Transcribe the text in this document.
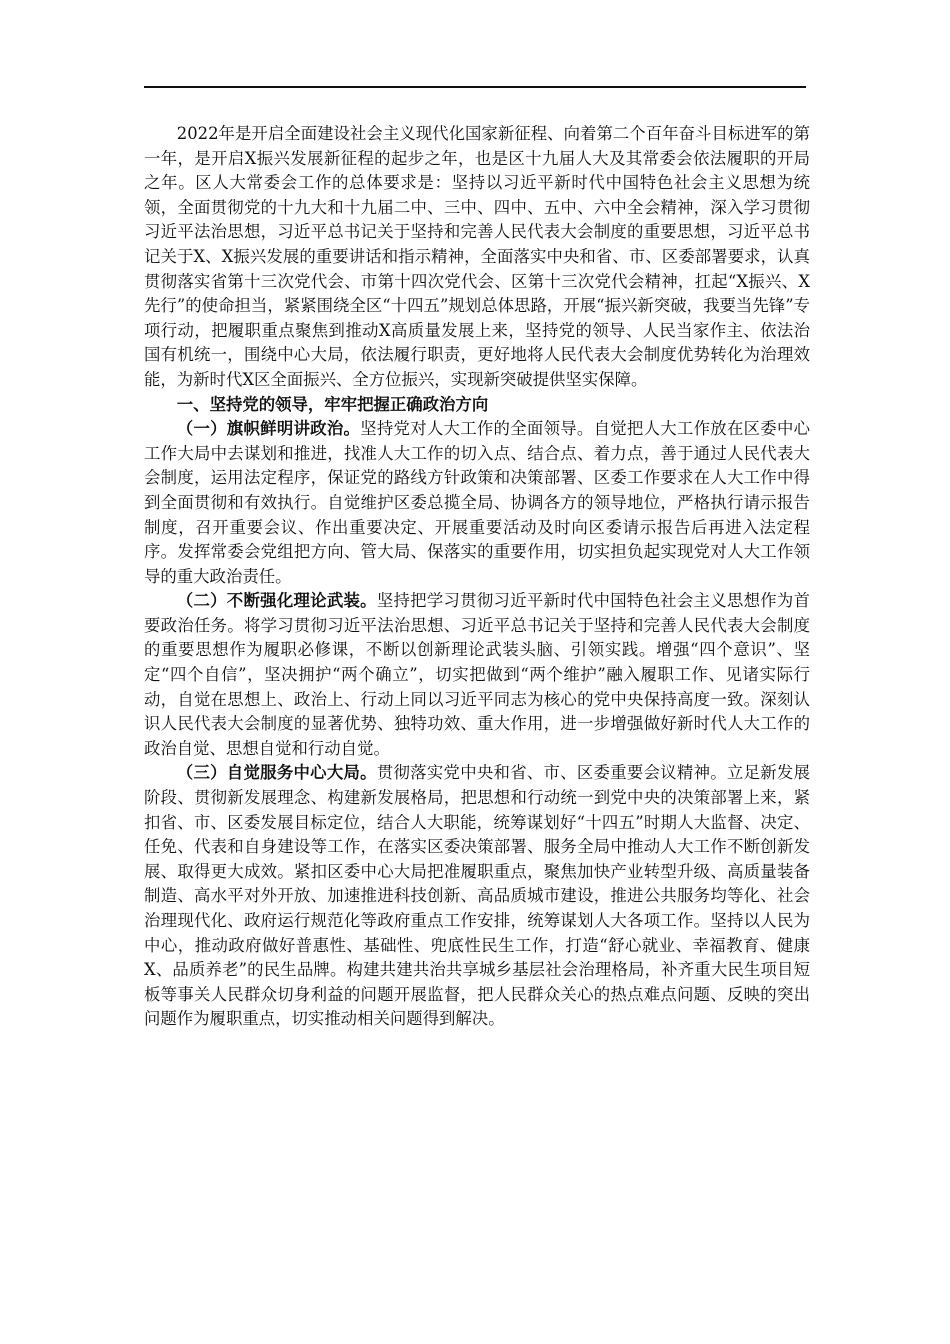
2022年是开启全面建设社会主义现代化国家新征程、向着第二个百年奋斗目标进军的第一年，是开启X振兴发展新征程的起步之年，也是区十九届人大及其常委会依法履职的开局之年。区人大常委会工作的总体要求是：坚持以习近平新时代中国特色社会主义思想为统领，全面贯彻党的十九大和十九届二中、三中、四中、五中、六中全会精神，深入学习贯彻习近平法治思想，习近平总书记关于坚持和完善人民代表大会制度的重要思想，习近平总书记关于X、X振兴发展的重要讲话和指示精神，全面落实中央和省、市、区委部署要求，认真贯彻落实省第十三次党代会、市第十四次党代会、区第十三次党代会精神，扛起“X振兴、X先行”的使命担当，紧紧围绕全区“十四五”规划总体思路，开展“振兴新突破，我要当先锋”专项行动，把履职重点聚焦到推动X高质量发展上来，坚持党的领导、人民当家作主、依法治国有机统一，围绕中心大局，依法履行职责，更好地将人民代表大会制度优势转化为治理效能，为新时代X区全面振兴、全方位振兴，实现新突破提供坚实保障。

一、坚持党的领导，牢牢把握正确政治方向

（一）旗帜鲜明讲政治。坚持党对人大工作的全面领导。自觉把人大工作放在区委中心工作大局中去谋划和推进，找准人大工作的切入点、结合点、着力点，善于通过人民代表大会制度，运用法定程序，保证党的路线方针政策和决策部署、区委工作要求在人大工作中得到全面贯彻和有效执行。自觉维护区委总揽全局、协调各方的领导地位，严格执行请示报告制度，召开重要会议、作出重要决定、开展重要活动及时向区委请示报告后再进入法定程序。发挥常委会党组把方向、管大局、保落实的重要作用，切实担负起实现党对人大工作领导的重大政治责任。

（二）不断强化理论武装。坚持把学习贯彻习近平新时代中国特色社会主义思想作为首要政治任务。将学习贯彻习近平法治思想、习近平总书记关于坚持和完善人民代表大会制度的重要思想作为履职必修课，不断以创新理论武装头脑、引领实践。增强“四个意识”、坚定“四个自信”，坚决拥护“两个确立”，切实把做到“两个维护”融入履职工作、见诸实际行动，自觉在思想上、政治上、行动上同以习近平同志为核心的党中央保持高度一致。深刻认识人民代表大会制度的显著优势、独特功效、重大作用，进一步增强做好新时代人大工作的政治自觉、思想自觉和行动自觉。

（三）自觉服务中心大局。贯彻落实党中央和省、市、区委重要会议精神。立足新发展阶段、贯彻新发展理念、构建新发展格局，把思想和行动统一到党中央的决策部署上来，紧扣省、市、区委发展目标定位，结合人大职能，统筹谋划好“十四五”时期人大监督、决定、任免、代表和自身建设等工作，在落实区委决策部署、服务全局中推动人大工作不断创新发展、取得更大成效。紧扣区委中心大局把准履职重点，聚焦加快产业转型升级、高质量装备制造、高水平对外开放、加速推进科技创新、高品质城市建设，推进公共服务均等化、社会治理现代化、政府运行规范化等政府重点工作安排，统筹谋划人大各项工作。坚持以人民为中心，推动政府做好普惠性、基础性、兜底性民生工作，打造“舒心就业、幸福教育、健康X、品质养老”的民生品牌。构建共建共治共享城乡基层社会治理格局，补齐重大民生项目短板等事关人民群众切身利益的问题开展监督，把人民群众关心的热点难点问题、反映的突出问题作为履职重点，切实推动相关问题得到解决。
